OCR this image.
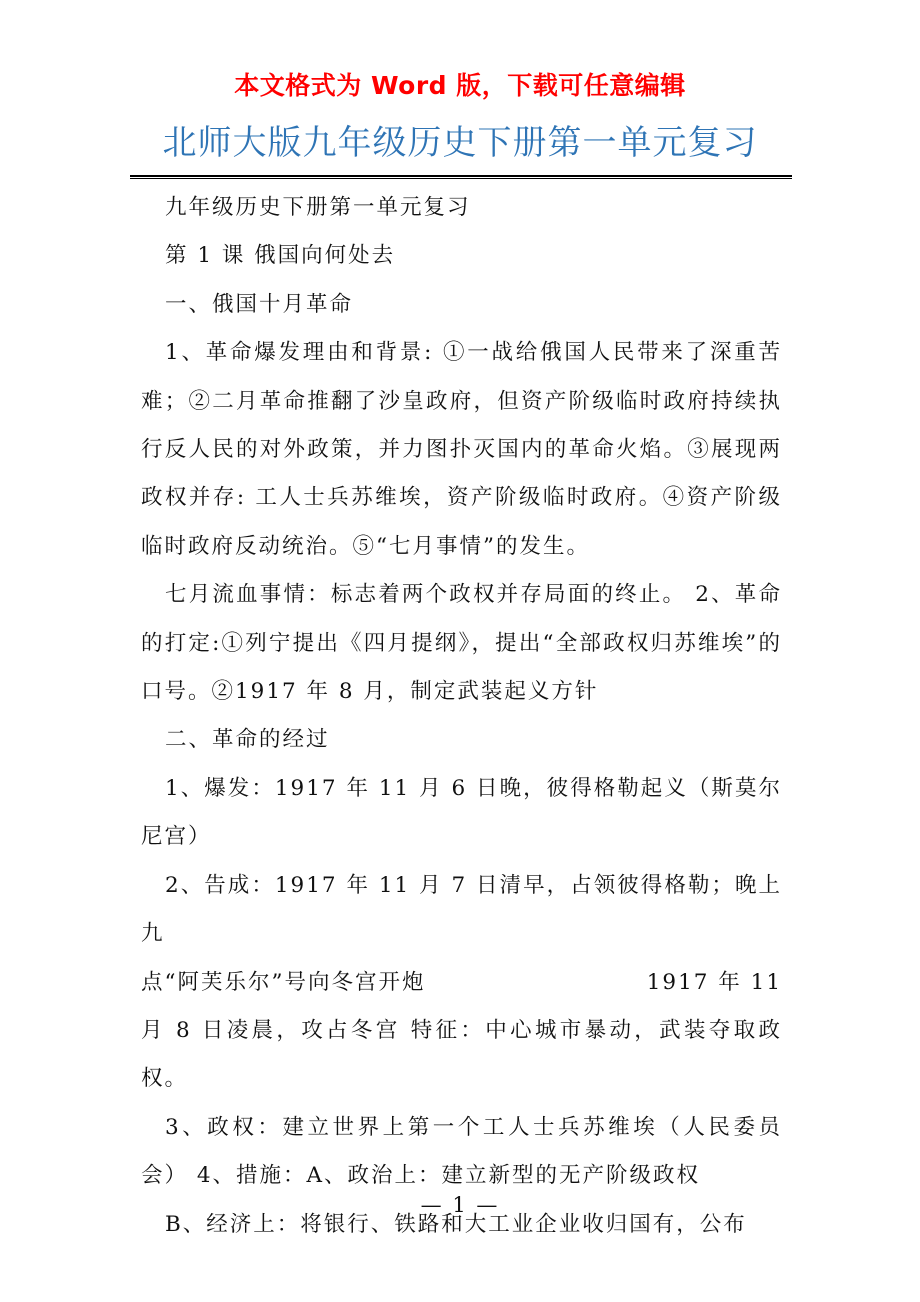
本文格式为 Word 版，下载可任意编辑
北师大版九年级历史下册第一单元复习

九年级历史下册第一单元复习

第 1 课 俄国向何处去

一、俄国十月革命

1、革命爆发理由和背景: ①一战给俄国人民带来了深重苦难；②二月革命推翻了沙皇政府，但资产阶级临时政府持续执行反人民的对外政策，并力图扑灭国内的革命火焰。③展现两政权并存: 工人士兵苏维埃，资产阶级临时政府。④资产阶级临时政府反动统治。⑤“七月事情”的发生。

七月流血事情：标志着两个政权并存局面的终止。 2、革命的打定:①列宁提出《四月提纲》，提出“全部政权归苏维埃”的口号。②1917 年 8 月，制定武装起义方针

二、革命的经过

1、爆发：1917 年 11 月 6 日晚，彼得格勒起义（斯莫尔尼宫）

2、告成：1917 年 11 月 7 日清早，占领彼得格勒；晚上九

点“阿芙乐尔”号向冬宫开炮	1917 年 11

月 8 日凌晨，攻占冬宫 特征：中心城市暴动，武装夺取政权。

3、政权：建立世界上第一个工人士兵苏维埃（人民委员会） 4、措施：A、政治上：建立新型的无产阶级政权

B、经济上：将银行、铁路和大工业企业收归国有，公布

— 1 —
